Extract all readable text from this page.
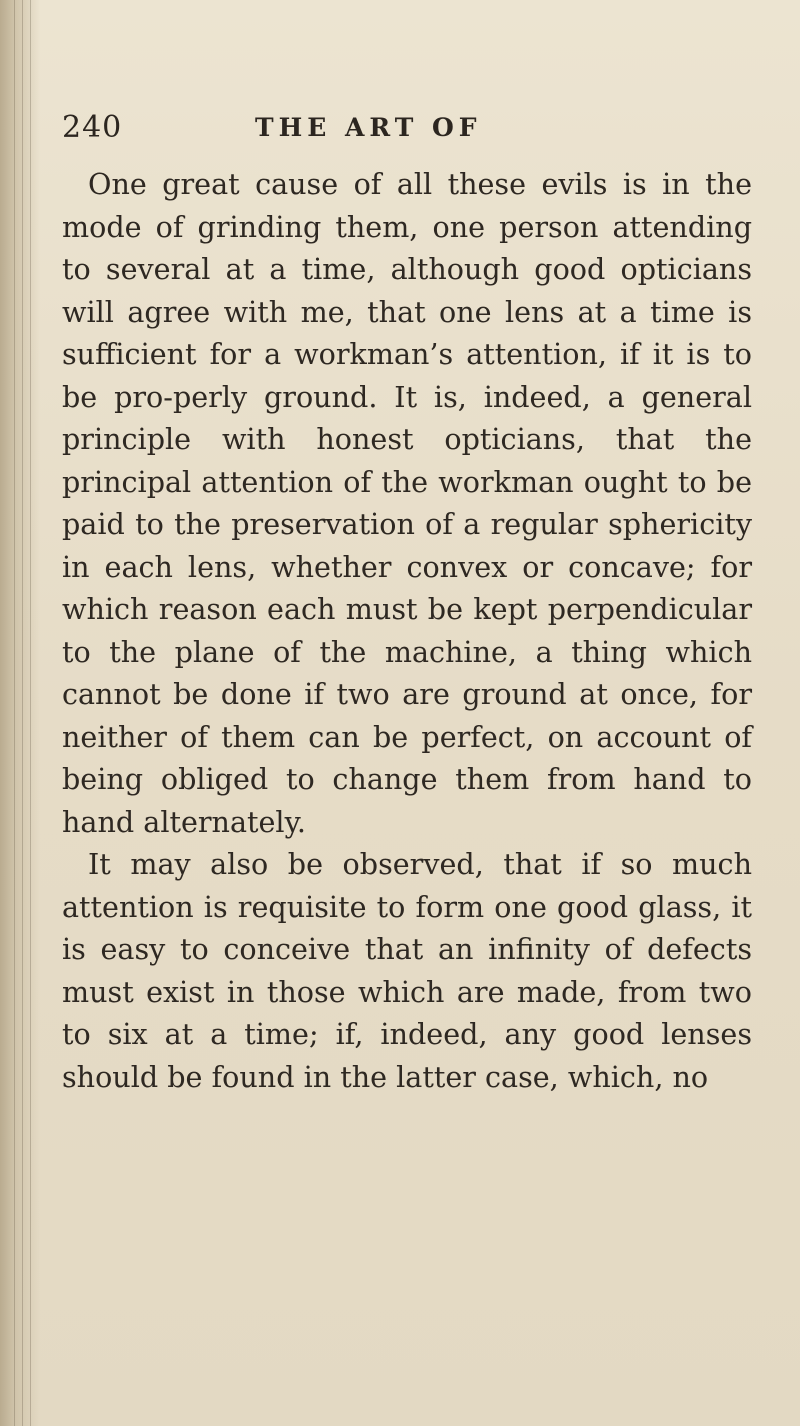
240	THE ART OF

One great cause of all these evils is in the mode of grinding them, one person attending to several at a time, although good opticians will agree with me, that one lens at a time is sufficient for a workman’s attention, if it is to be pro-perly ground. It is, indeed, a general principle with honest opticians, that the principal attention of the workman ought to be paid to the preservation of a regular sphericity in each lens, whether convex or concave; for which reason each must be kept perpendicular to the plane of the machine, a thing which cannot be done if two are ground at once, for neither of them can be perfect, on account of being obliged to change them from hand to hand alternately.

It may also be observed, that if so much attention is requisite to form one good glass, it is easy to conceive that an infinity of defects must exist in those which are made, from two to six at a time; if, indeed, any good lenses should be found in the latter case, which, no
